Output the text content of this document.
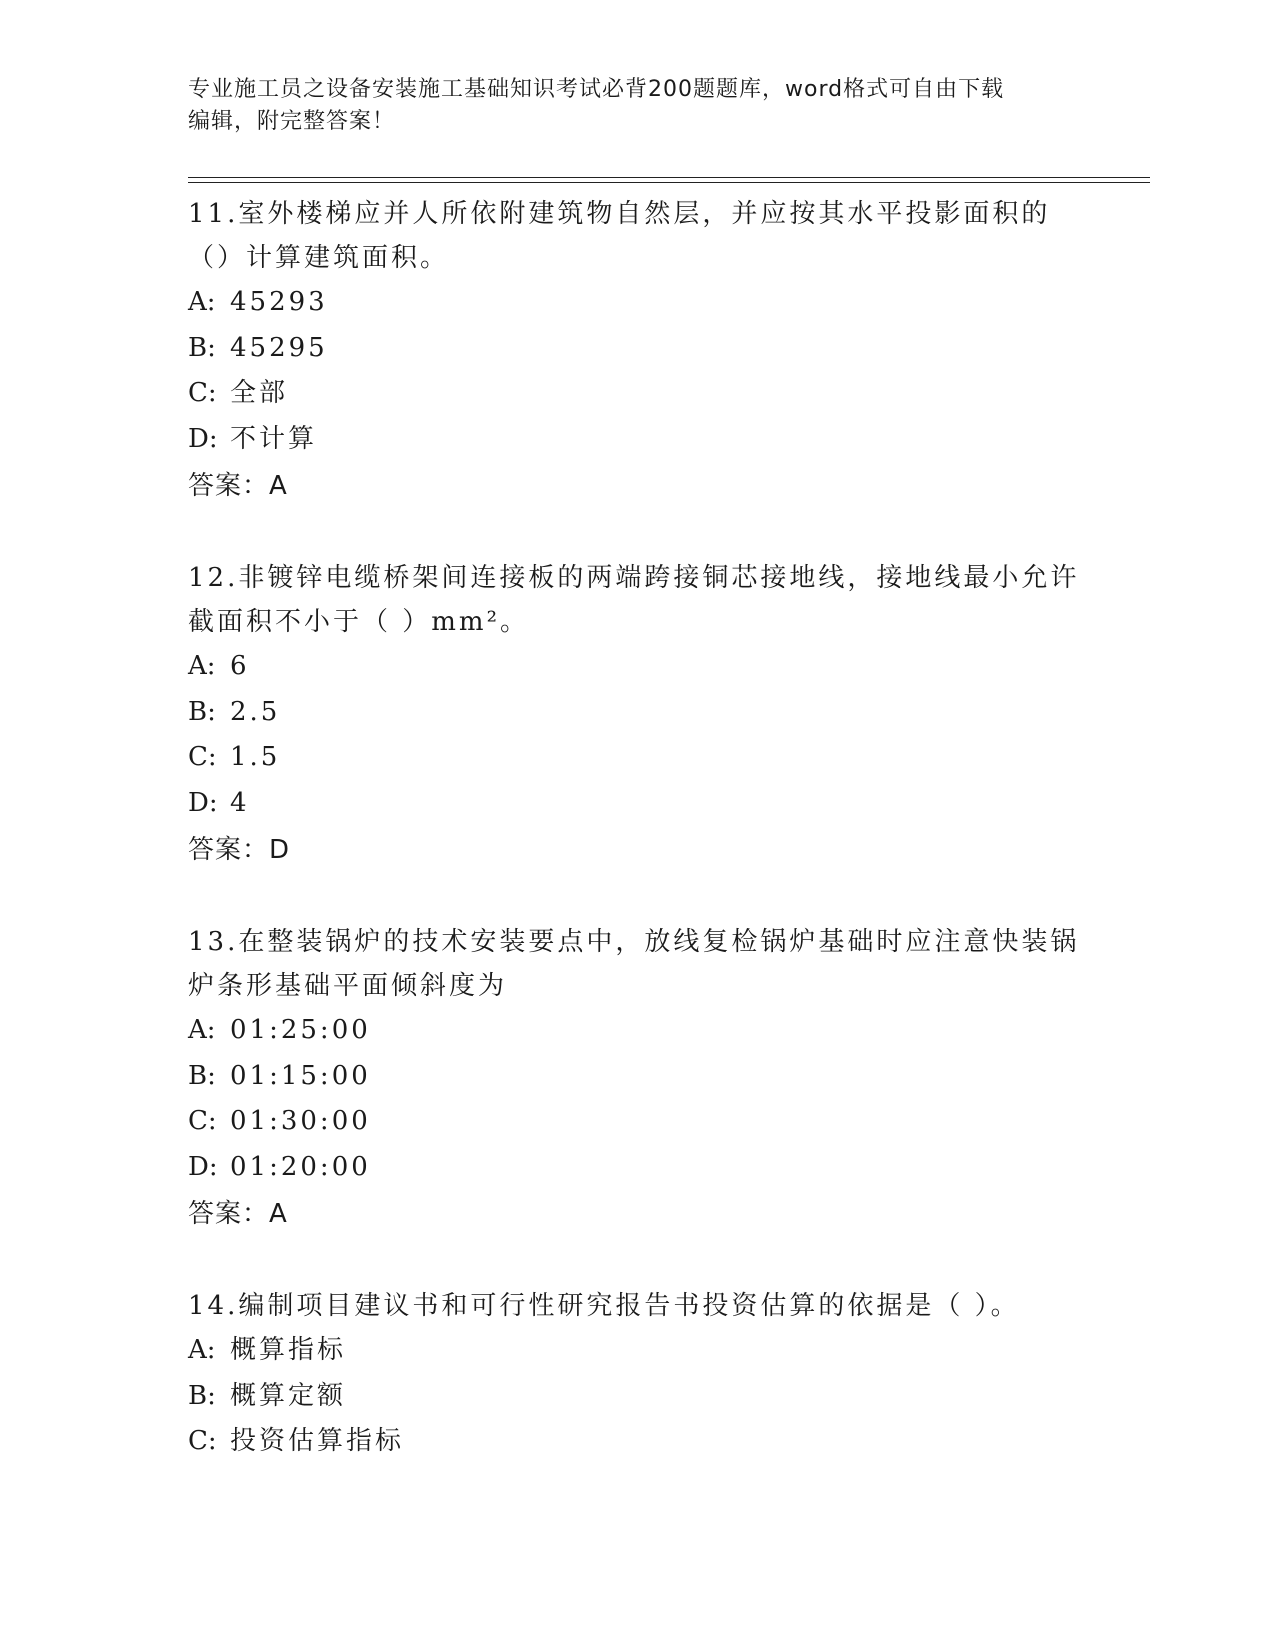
专业施工员之设备安装施工基础知识考试必背200题题库，word格式可自由下载
编辑，附完整答案！
11.室外楼梯应并人所依附建筑物自然层，并应按其水平投影面积的（）计算建筑面积。
A: 45293
B: 45295
C: 全部
D: 不计算
答案：A
12.非镀锌电缆桥架间连接板的两端跨接铜芯接地线，接地线最小允许截面积不小于（ ）mm²。
A: 6
B: 2.5
C: 1.5
D: 4
答案：D
13.在整装锅炉的技术安装要点中，放线复检锅炉基础时应注意快装锅炉条形基础平面倾斜度为
A: 01:25:00
B: 01:15:00
C: 01:30:00
D: 01:20:00
答案：A
14.编制项目建议书和可行性研究报告书投资估算的依据是（ ）。
A: 概算指标
B: 概算定额
C: 投资估算指标
